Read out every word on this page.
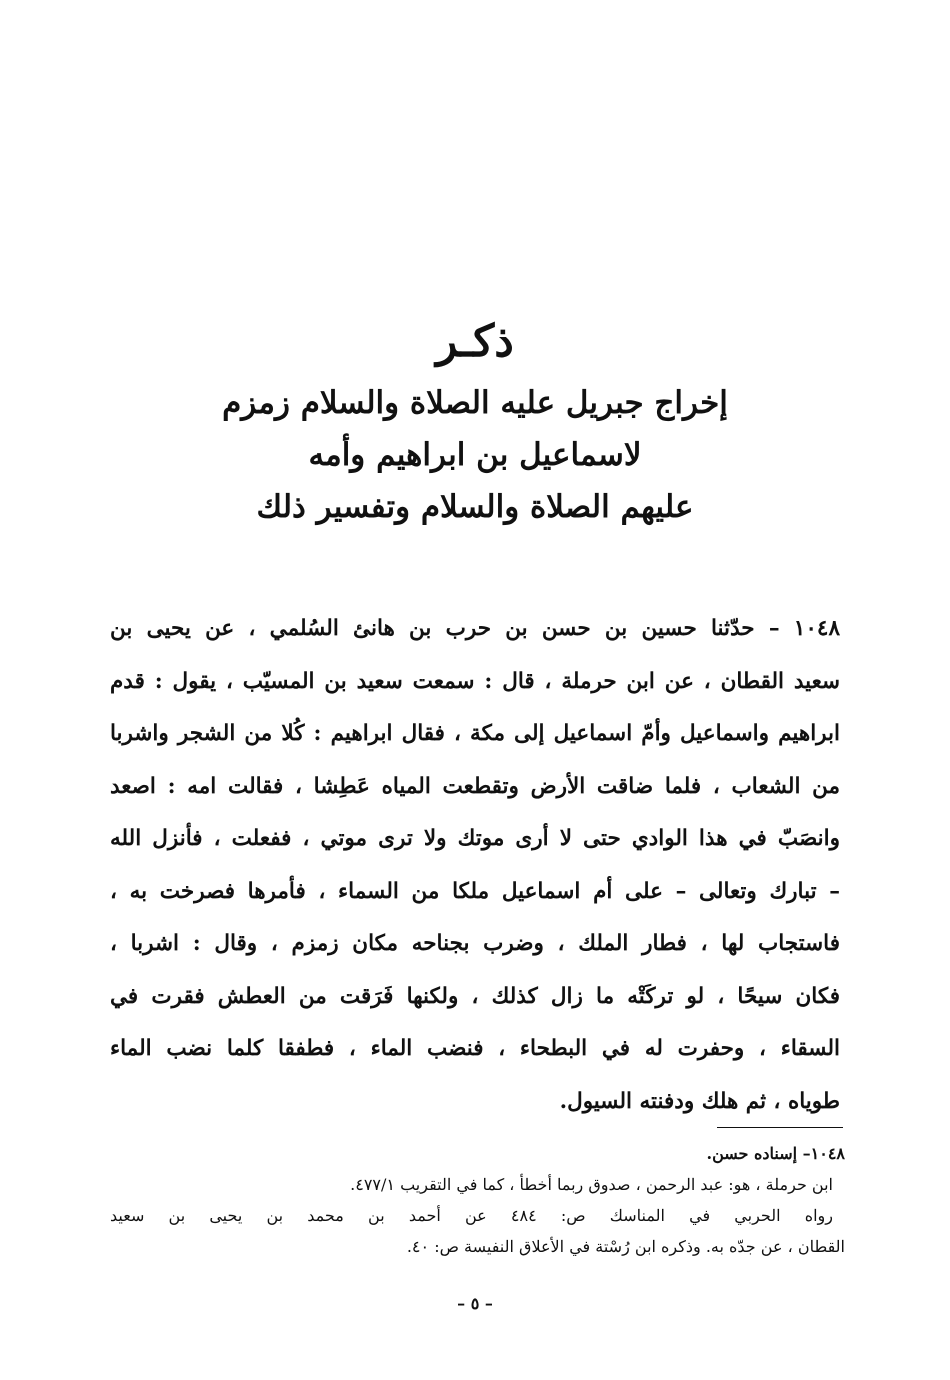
ذكـر
إخراج جبريل عليه الصلاة والسلام زمزم
لاسماعيل بن ابراهيم وأمه
عليهم الصلاة والسلام وتفسير ذلك
١٠٤٨ – حدّثنا حسين بن حسن بن حرب بن هانئ السُلمي ، عن يحيى بن
سعيد القطان ، عن ابن حرملة ، قال : سمعت سعيد بن المسيّب ، يقول : قدم
ابراهيم واسماعيل وأمّ اسماعيل إلى مكة ، فقال ابراهيم : كُلا من الشجر واشربا
من الشعاب ، فلما ضاقت الأرض وتقطعت المياه عَطِشا ، فقالت امه : اصعد
وانصَبّ في هذا الوادي حتى لا أرى موتك ولا ترى موتي ، ففعلت ، فأنزل الله
– تبارك وتعالى – على أم اسماعيل ملكا من السماء ، فأمرها فصرخت به ،
فاستجاب لها ، فطار الملك ، وضرب بجناحه مكان زمزم ، وقال : اشربا ،
فكان سيحًا ، لو تركَتْه ما زال كذلك ، ولكنها فَرَقت من العطش فقرت في
السقاء ، وحفرت له في البطحاء ، فنضب الماء ، فطفقا كلما نضب الماء
طوياه ، ثم هلك ودفنته السيول.
١٠٤٨– إسناده حسن.
ابن حرملة ، هو: عبد الرحمن ، صدوق ربما أخطأ ، كما في التقريب ٤٧٧/١.
رواه الحربي في المناسك ص: ٤٨٤ عن أحمد بن محمد بن يحيى بن سعيد
القطان ، عن جدّه به. وذكره ابن رُسْتة في الأعلاق النفيسة ص: ٤٠.
– ٥ –
